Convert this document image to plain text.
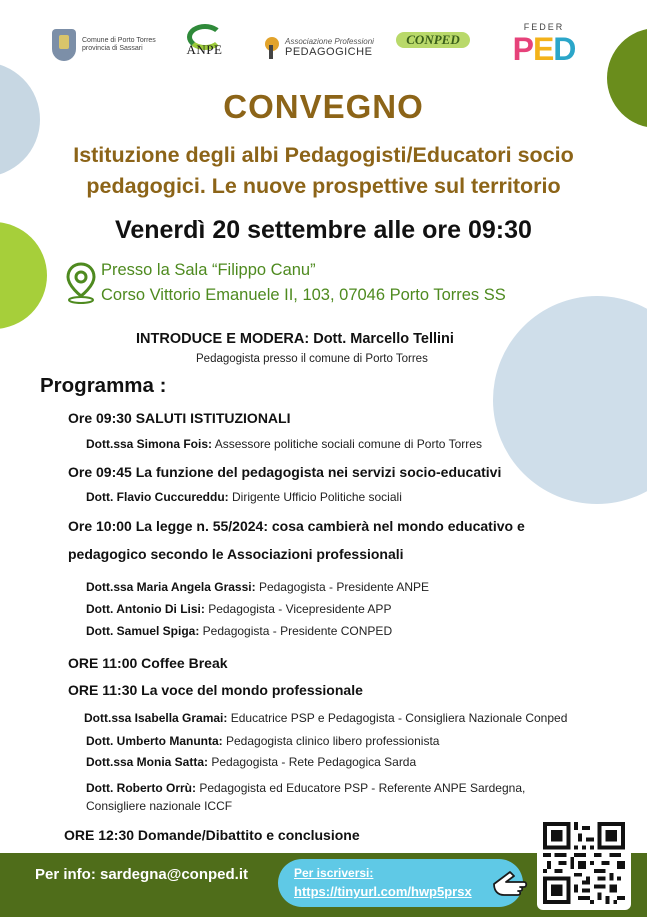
Comune di Porto Torres
provincia di Sassari	ANPE
Associazione Professioni
PEDAGOGICHE
CONPED
FEDER
PED
CONVEGNO
Istituzione degli albi Pedagogisti/Educatori socio pedagogici. Le nuove prospettive sul territorio
Venerdì 20 settembre alle ore 09:30
Presso la Sala “Filippo Canu”
Corso Vittorio Emanuele II, 103, 07046 Porto Torres SS
INTRODUCE E MODERA: Dott. Marcello Tellini
Pedagogista presso il comune di Porto Torres
Programma :
Ore 09:30 SALUTI ISTITUZIONALI
Dott.ssa Simona Fois: Assessore politiche sociali comune di Porto Torres
Ore 09:45 La funzione del pedagogista nei servizi socio-educativi
Dott. Flavio Cuccureddu: Dirigente Ufficio Politiche sociali
Ore 10:00 La legge n. 55/2024: cosa cambierà nel mondo educativo e
pedagogico secondo le Associazioni professionali
Dott.ssa Maria Angela Grassi: Pedagogista - Presidente ANPE
Dott. Antonio Di Lisi: Pedagogista - Vicepresidente APP
Dott. Samuel Spiga: Pedagogista - Presidente CONPED
ORE 11:00 Coffee Break
ORE 11:30 La voce del mondo professionale
Dott.ssa Isabella Gramai: Educatrice PSP e Pedagogista - Consigliera Nazionale Conped
Dott. Umberto Manunta: Pedagogista clinico libero professionista
Dott.ssa Monia Satta: Pedagogista - Rete Pedagogica Sarda
Dott. Roberto Orrù: Pedagogista ed Educatore PSP - Referente ANPE Sardegna,
Consigliere nazionale ICCF
ORE 12:30 Domande/Dibattito e conclusione
Per info: sardegna@conped.it	Per iscriversi:
https://tinyurl.com/hwp5prsx
